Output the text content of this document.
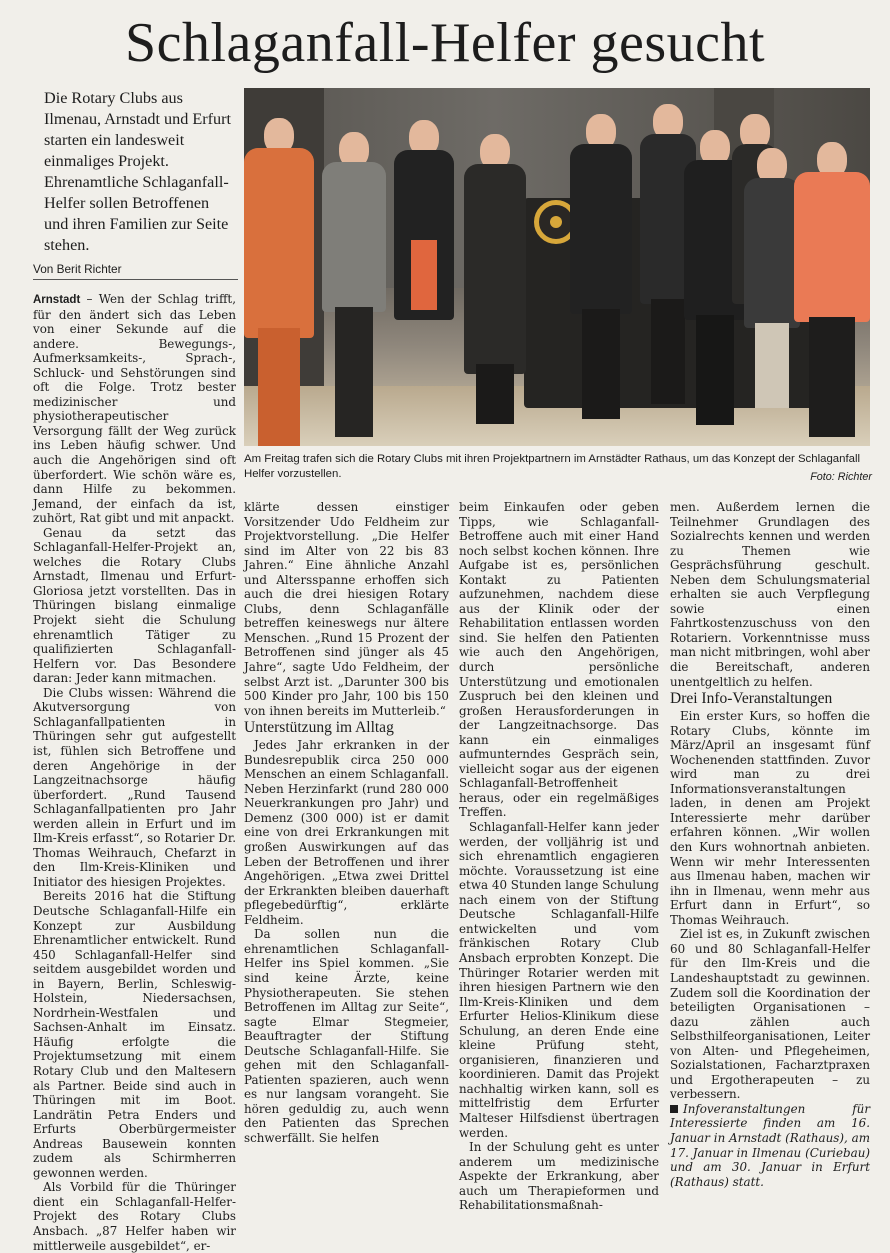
Schlaganfall-Helfer gesucht
Die Rotary Clubs aus Ilmenau, Arnstadt und Erfurt starten ein landesweit einmaliges Projekt. Ehrenamtliche Schlaganfall-Helfer sollen Betroffenen und ihren Familien zur Seite stehen.
Von Berit Richter
Am Freitag trafen sich die Rotary Clubs mit ihren Projektpartnern im Arnstädter Rathaus, um das Konzept der Schlaganfall Helfer vorzustellen.	Foto: Richter

Arnstadt – Wen der Schlag trifft, für den ändert sich das Leben von einer Sekunde auf die andere. Bewegungs-, Aufmerksamkeits-, Sprach-, Schluck- und Sehstörungen sind oft die Folge. Trotz bester medizinischer und physiotherapeutischer Versorgung fällt der Weg zurück ins Leben häufig schwer. Und auch die Angehörigen sind oft überfordert. Wie schön wäre es, dann Hilfe zu bekommen. Jemand, der einfach da ist, zuhört, Rat gibt und mit anpackt.

Genau da setzt das Schlaganfall-Helfer-Projekt an, welches die Rotary Clubs Arnstadt, Ilmenau und Erfurt-Gloriosa jetzt vorstellten. Das in Thüringen bislang einmalige Projekt sieht die Schulung ehrenamtlich Tätiger zu qualifizierten Schlaganfall-Helfern vor. Das Besondere daran: Jeder kann mitmachen.

Die Clubs wissen: Während die Akutversorgung von Schlaganfallpatienten in Thüringen sehr gut aufgestellt ist, fühlen sich Betroffene und deren Angehörige in der Langzeitnachsorge häufig überfordert. „Rund Tausend Schlaganfallpatienten pro Jahr werden allein in Erfurt und im Ilm-Kreis erfasst“, so Rotarier Dr. Thomas Weihrauch, Chefarzt in den Ilm-Kreis-Kliniken und Initiator des hiesigen Projektes.

Bereits 2016 hat die Stiftung Deutsche Schlaganfall-Hilfe ein Konzept zur Ausbildung Ehrenamtlicher entwickelt. Rund 450 Schlaganfall-Helfer sind seitdem ausgebildet worden und in Bayern, Berlin, Schleswig-Holstein, Niedersachsen, Nordrhein-Westfalen und Sachsen-Anhalt im Einsatz. Häufig erfolgte die Projektumsetzung mit einem Rotary Club und den Maltesern als Partner. Beide sind auch in Thüringen mit im Boot. Landrätin Petra Enders und Erfurts Oberbürgermeister Andreas Bausewein konnten zudem als Schirmherren gewonnen werden.

Als Vorbild für die Thüringer dient ein Schlaganfall-Helfer-Projekt des Rotary Clubs Ansbach. „87 Helfer haben wir mittlerweile ausgebildet“, er-

klärte dessen einstiger Vorsitzender Udo Feldheim zur Projektvorstellung. „Die Helfer sind im Alter von 22 bis 83 Jahren.“ Eine ähnliche Anzahl und Altersspanne erhoffen sich auch die drei hiesigen Rotary Clubs, denn Schlaganfälle betreffen keineswegs nur ältere Menschen. „Rund 15 Prozent der Betroffenen sind jünger als 45 Jahre“, sagte Udo Feldheim, der selbst Arzt ist. „Darunter 300 bis 500 Kinder pro Jahr, 100 bis 150 von ihnen bereits im Mutterleib.“

Unterstützung im Alltag

Jedes Jahr erkranken in der Bundesrepublik circa 250 000 Menschen an einem Schlaganfall. Neben Herzinfarkt (rund 280 000 Neuerkrankungen pro Jahr) und Demenz (300 000) ist er damit eine von drei Erkrankungen mit großen Auswirkungen auf das Leben der Betroffenen und ihrer Angehörigen. „Etwa zwei Drittel der Erkrankten bleiben dauerhaft pflegebedürftig“, erklärte Feldheim.

Da sollen nun die ehrenamtlichen Schlaganfall-Helfer ins Spiel kommen. „Sie sind keine Ärzte, keine Physiotherapeuten. Sie stehen Betroffenen im Alltag zur Seite“, sagte Elmar Stegmeier, Beauftragter der Stiftung Deutsche Schlaganfall-Hilfe. Sie gehen mit den Schlaganfall-Patienten spazieren, auch wenn es nur langsam vorangeht. Sie hören geduldig zu, auch wenn den Patienten das Sprechen schwerfällt. Sie helfen

beim Einkaufen oder geben Tipps, wie Schlaganfall-Betroffene auch mit einer Hand noch selbst kochen können. Ihre Aufgabe ist es, persönlichen Kontakt zu Patienten aufzunehmen, nachdem diese aus der Klinik oder der Rehabilitation entlassen worden sind. Sie helfen den Patienten wie auch den Angehörigen, durch persönliche Unterstützung und emotionalen Zuspruch bei den kleinen und großen Herausforderungen in der Langzeitnachsorge. Das kann ein einmaliges aufmunterndes Gespräch sein, vielleicht sogar aus der eigenen Schlaganfall-Betroffenheit heraus, oder ein regelmäßiges Treffen.

Schlaganfall-Helfer kann jeder werden, der volljährig ist und sich ehrenamtlich engagieren möchte. Voraussetzung ist eine etwa 40 Stunden lange Schulung nach einem von der Stiftung Deutsche Schlaganfall-Hilfe entwickelten und vom fränkischen Rotary Club Ansbach erprobten Konzept. Die Thüringer Rotarier werden mit ihren hiesigen Partnern wie den Ilm-Kreis-Kliniken und dem Erfurter Helios-Klinikum diese Schulung, an deren Ende eine kleine Prüfung steht, organisieren, finanzieren und koordinieren. Damit das Projekt nachhaltig wirken kann, soll es mittelfristig dem Erfurter Malteser Hilfsdienst übertragen werden.

In der Schulung geht es unter anderem um medizinische Aspekte der Erkrankung, aber auch um Therapieformen und Rehabilitationsmaßnah-

men. Außerdem lernen die Teilnehmer Grundlagen des Sozialrechts kennen und werden zu Themen wie Gesprächsführung geschult. Neben dem Schulungsmaterial erhalten sie auch Verpflegung sowie einen Fahrtkostenzuschuss von den Rotariern. Vorkenntnisse muss man nicht mitbringen, wohl aber die Bereitschaft, anderen unentgeltlich zu helfen.

Drei Info-Veranstaltungen

Ein erster Kurs, so hoffen die Rotary Clubs, könnte im März/April an insgesamt fünf Wochenenden stattfinden. Zuvor wird man zu drei Informationsveranstaltungen laden, in denen am Projekt Interessierte mehr darüber erfahren können. „Wir wollen den Kurs wohnortnah anbieten. Wenn wir mehr Interessenten aus Ilmenau haben, machen wir ihn in Ilmenau, wenn mehr aus Erfurt dann in Erfurt“, so Thomas Weihrauch.

Ziel ist es, in Zukunft zwischen 60 und 80 Schlaganfall-Helfer für den Ilm-Kreis und die Landeshauptstadt zu gewinnen. Zudem soll die Koordination der beteiligten Organisationen – dazu zählen auch Selbsthilfeorganisationen, Leiter von Alten- und Pflegeheimen, Sozialstationen, Facharztpraxen und Ergotherapeuten – zu verbessern.

Infoveranstaltungen für Interessierte finden am 16. Januar in Arnstadt (Rathaus), am 17. Januar in Ilmenau (Curiebau) und am 30. Januar in Erfurt (Rathaus) statt.
